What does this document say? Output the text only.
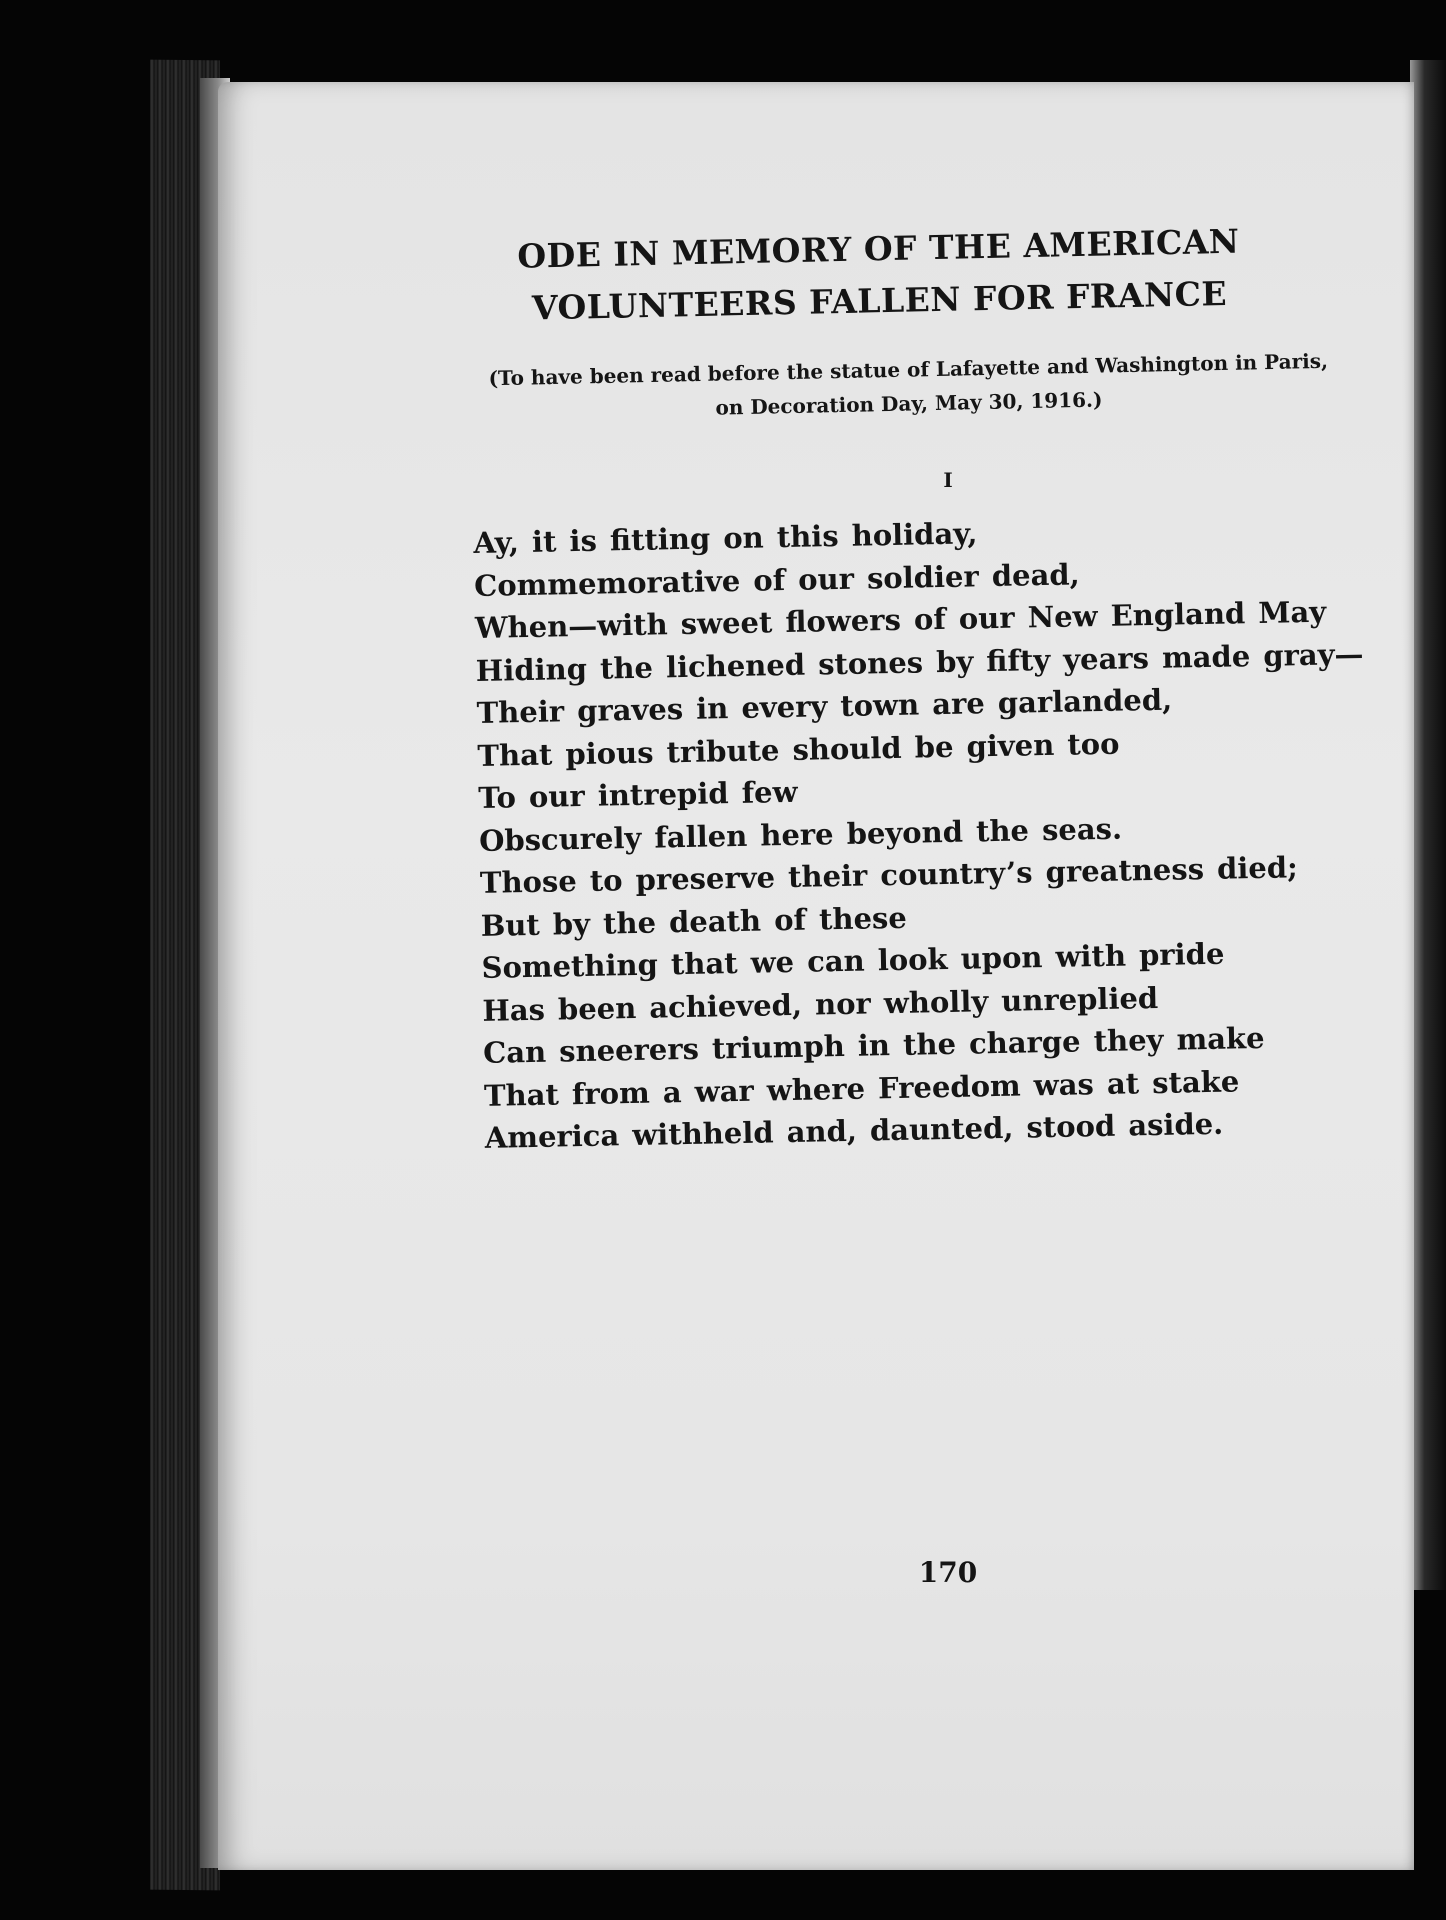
ODE IN MEMORY OF THE AMERICAN
VOLUNTEERS FALLEN FOR FRANCE

(To have been read before the statue of Lafayette and Washington in Paris,
on Decoration Day, May 30, 1916.)

I

Ay, it is fitting on this holiday,
Commemorative of our soldier dead,
When—with sweet flowers of our New England May
Hiding the lichened stones by fifty years made gray—
Their graves in every town are garlanded,
That pious tribute should be given too
To our intrepid few
Obscurely fallen here beyond the seas.
Those to preserve their country’s greatness died;
But by the death of these
Something that we can look upon with pride
Has been achieved, nor wholly unreplied
Can sneerers triumph in the charge they make
That from a war where Freedom was at stake
America withheld and, daunted, stood aside.

170
